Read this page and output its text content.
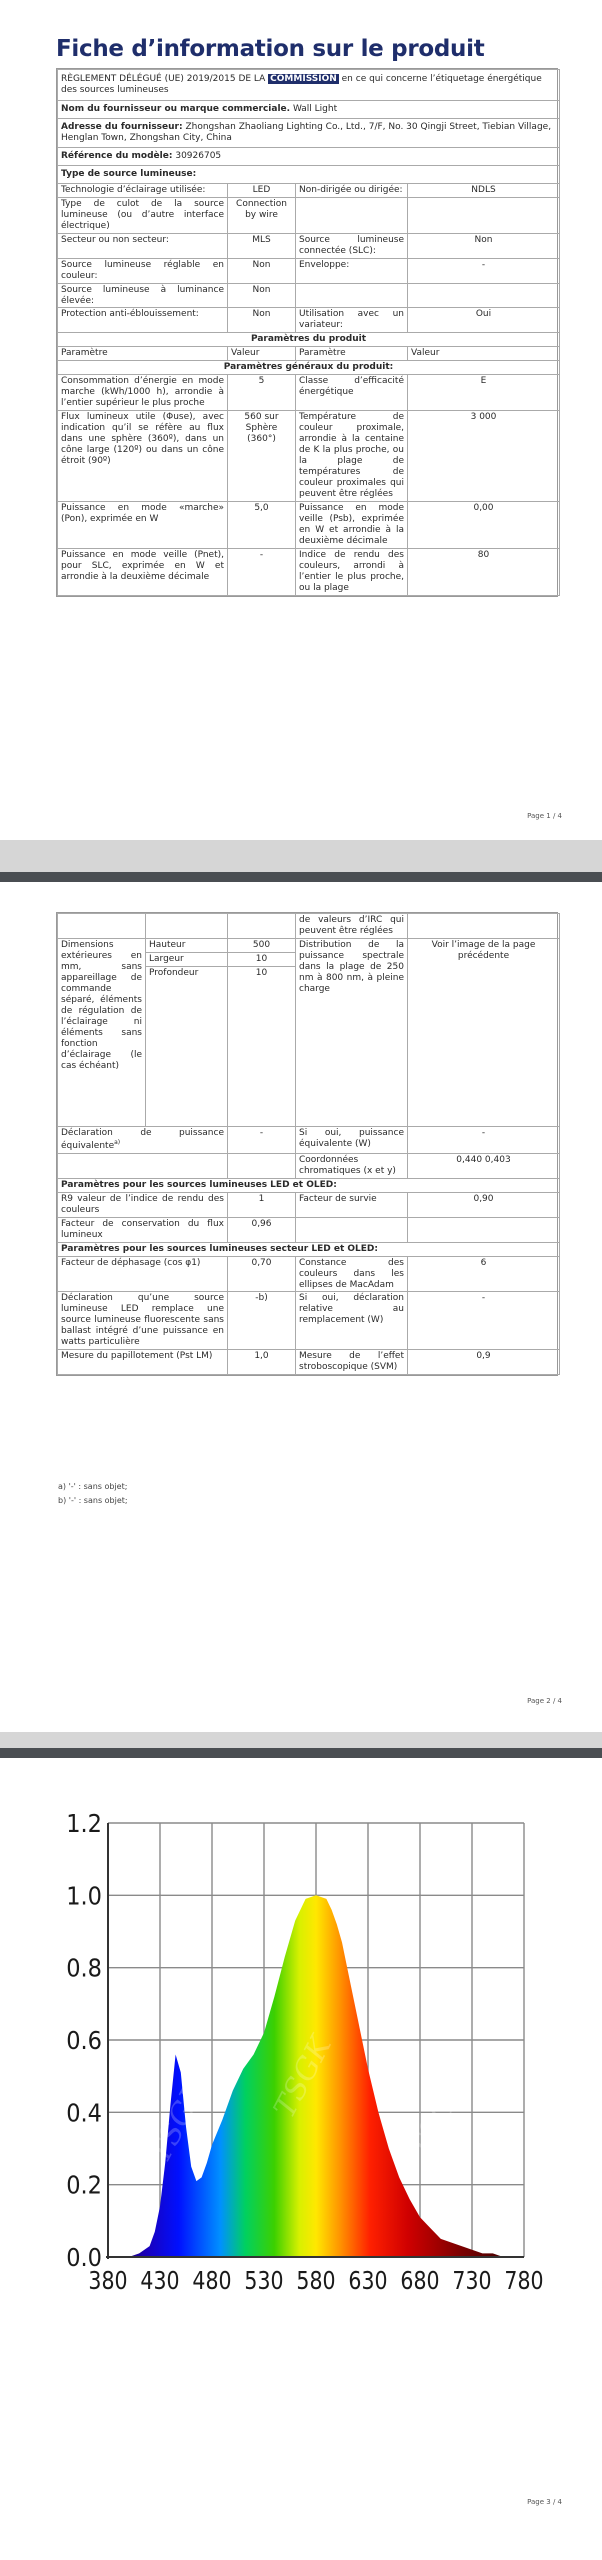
Fiche d’information sur le produit
RÈGLEMENT DÉLÉGUÉ (UE) 2019/2015 DE LA COMMISSION en ce qui concerne l’étiquetage énergétique des sources lumineuses			
Nom du fournisseur ou marque commerciale. Wall Light			
Adresse du fournisseur: Zhongshan Zhaoliang Lighting Co., Ltd., 7/F, No. 30 Qingji Street, Tiebian Village, Henglan Town, Zhongshan City, China			
Référence du modèle: 30926705			
Type de source lumineuse:			
Technologie d’éclairage utilisée:	LED	Non-dirigée ou dirigée:	NDLS
Type de culot de la source lumineuse (ou d’autre interface électrique)	Connection by wire		
Secteur ou non secteur:	MLS	Source lumineuse connectée (SLC):	Non
Source lumineuse réglable en couleur:	Non	Enveloppe:	-
Source lumineuse à luminance élevée:	Non		
Protection anti-éblouissement:	Non	Utilisation avec un variateur:	Oui
Paramètres du produit			
Paramètre	Valeur	Paramètre	Valeur
Paramètres généraux du produit:			
Consommation d’énergie en mode marche (kWh/1000 h), arrondie à l’entier supérieur le plus proche	5	Classe d’efficacité énergétique	E
Flux lumineux utile (Φuse), avec indication qu’il se réfère au flux dans une sphère (360º), dans un cône large (120º) ou dans un cône étroit (90º)	560 sur Sphère (360°)	Température de couleur proximale, arrondie à la centaine de K la plus proche, ou la plage de températures de couleur proximales qui peuvent être réglées	3 000
Puissance en mode «marche» (Pon), exprimée en W	5,0	Puissance en mode veille (Psb), exprimée en W et arrondie à la deuxième décimale	0,00
Puissance en mode veille (Pnet), pour SLC, exprimée en W et arrondie à la deuxième décimale	-	Indice de rendu des couleurs, arrondi à l’entier le plus proche, ou la plage	80
Page 1 / 4
			de valeurs d’IRC qui peuvent être réglées	
Dimensions extérieures en mm, sans appareillage de commande séparé, éléments de régulation de l’éclairage ni éléments sans fonction d’éclairage (le cas échéant)	Hauteur	500	Distribution de la puissance spectrale dans la plage de 250 nm à 800 nm, à pleine charge	Voir l’image de la page précédente
	Largeur	10		
	Profondeur	10		
Déclaration de puissance équivalente$^{a)}$		-	Si oui, puissance équivalente (W)	-
			Coordonnées chromatiques (x et y)	0,440 0,403
Paramètres pour les sources lumineuses LED et OLED:				
R9 valeur de l’indice de rendu des couleurs		1	Facteur de survie	0,90
Facteur de conservation du flux lumineux		0,96		
Paramètres pour les sources lumineuses secteur LED et OLED:				
Facteur de déphasage (cos φ1)		0,70	Constance des couleurs dans les ellipses de MacAdam	6
Déclaration qu’une source lumineuse LED remplace une source lumineuse fluorescente sans ballast intégré d’une puissance en watts particulière		-b)	Si oui, déclaration relative au remplacement (W)	-
Mesure du papillotement (Pst LM)		1,0	Mesure de l’effet stroboscopique (SVM)	0,9
a) '-' : sans objet;
b) '-' : sans objet;
Page 2 / 4
Page 3 / 4
TSGK TSGK TSGK
0.0
0.2
0.4
0.6
0.8
1.0
1.2
380 430 480 530 580 630 680 730 780
